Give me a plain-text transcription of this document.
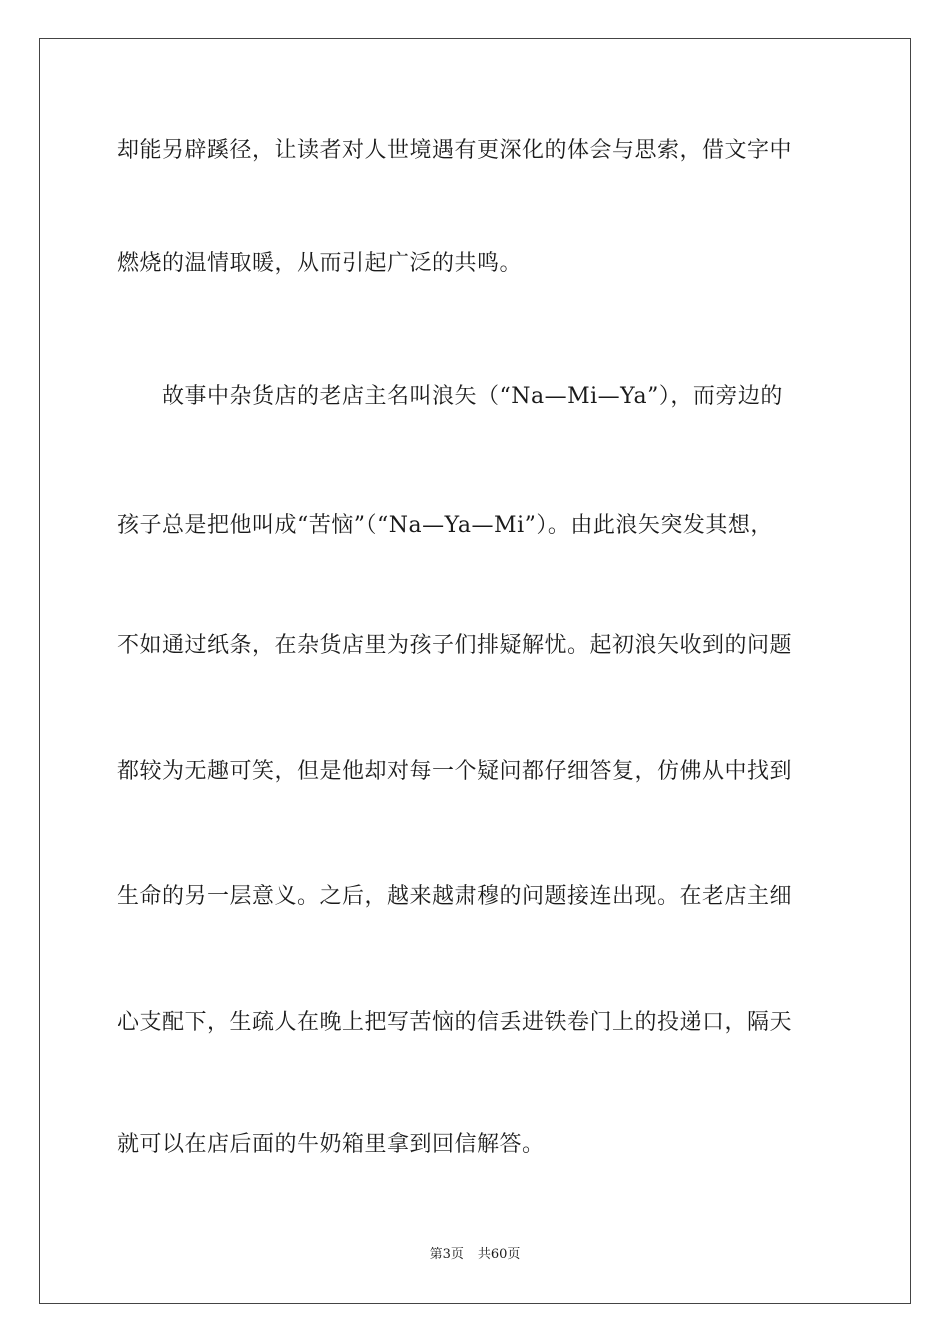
却能另辟蹊径，让读者对人世境遇有更深化的体会与思索，借文字中
燃烧的温情取暖，从而引起广泛的共鸣。
　　故事中杂货店的老店主名叫浪矢（“Na—Mi—Ya”），而旁边的
孩子总是把他叫成“苦恼”（“Na—Ya—Mi”）。由此浪矢突发其想，
不如通过纸条，在杂货店里为孩子们排疑解忧。起初浪矢收到的问题
都较为无趣可笑，但是他却对每一个疑问都仔细答复，仿佛从中找到
生命的另一层意义。之后，越来越肃穆的问题接连出现。在老店主细
心支配下，生疏人在晚上把写苦恼的信丢进铁卷门上的投递口，隔天
就可以在店后面的牛奶箱里拿到回信解答。
第3页 共60页
